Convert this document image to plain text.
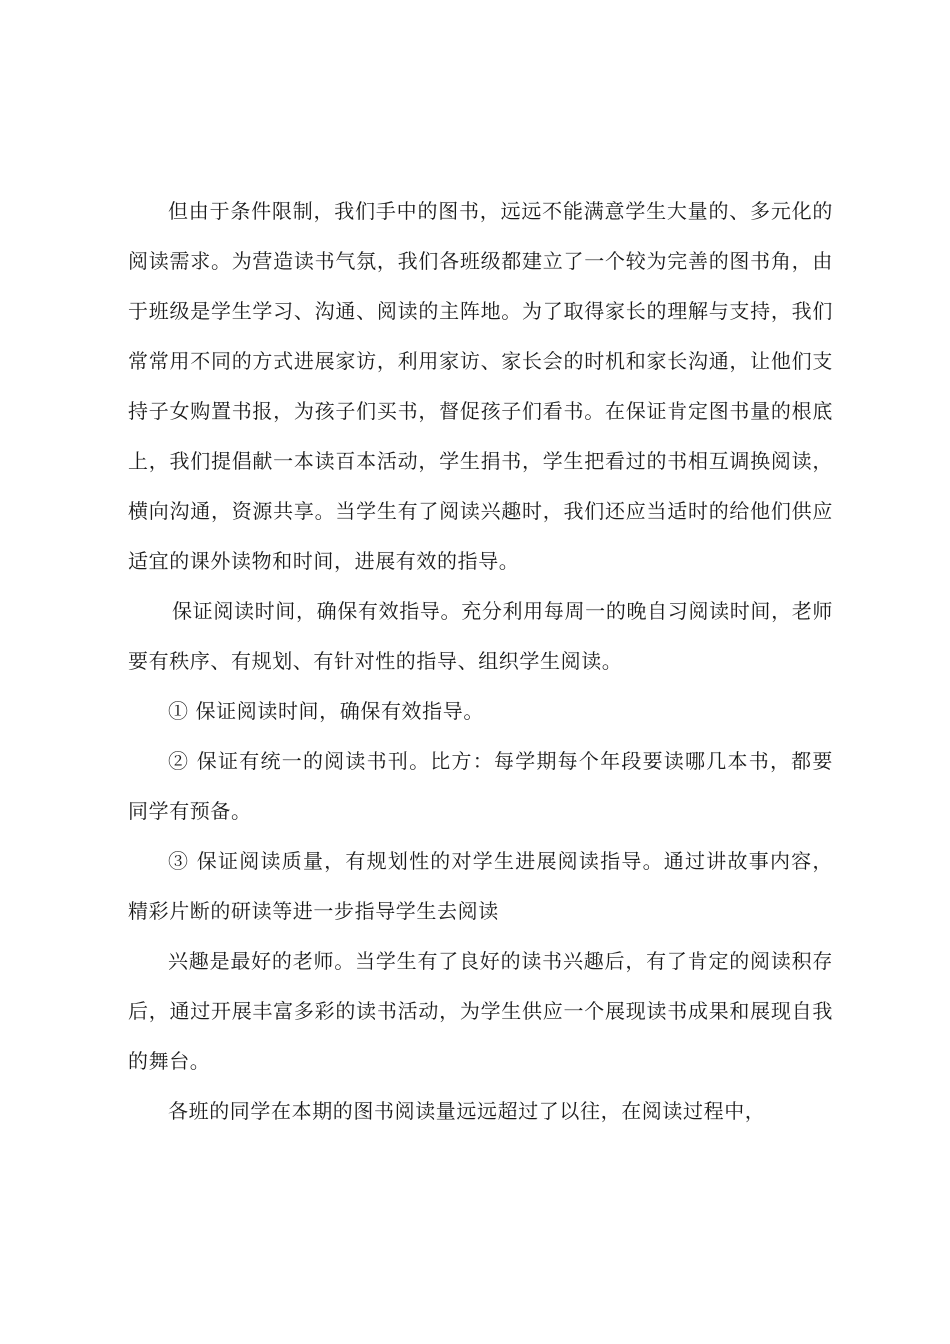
但由于条件限制，我们手中的图书，远远不能满意学生大量的、多元化的阅读需求。为营造读书气氛，我们各班级都建立了一个较为完善的图书角，由于班级是学生学习、沟通、阅读的主阵地。为了取得家长的理解与支持，我们常常用不同的方式进展家访，利用家访、家长会的时机和家长沟通，让他们支持子女购置书报，为孩子们买书，督促孩子们看书。在保证肯定图书量的根底上，我们提倡献一本读百本活动，学生捐书，学生把看过的书相互调换阅读，横向沟通，资源共享。当学生有了阅读兴趣时，我们还应当适时的给他们供应适宜的课外读物和时间，进展有效的指导。

保证阅读时间，确保有效指导。充分利用每周一的晚自习阅读时间，老师要有秩序、有规划、有针对性的指导、组织学生阅读。

① 保证阅读时间，确保有效指导。

② 保证有统一的阅读书刊。比方：每学期每个年段要读哪几本书，都要同学有预备。

③ 保证阅读质量，有规划性的对学生进展阅读指导。通过讲故事内容，精彩片断的研读等进一步指导学生去阅读

兴趣是最好的老师。当学生有了良好的读书兴趣后，有了肯定的阅读积存后，通过开展丰富多彩的读书活动，为学生供应一个展现读书成果和展现自我的舞台。

各班的同学在本期的图书阅读量远远超过了以往，在阅读过程中，
